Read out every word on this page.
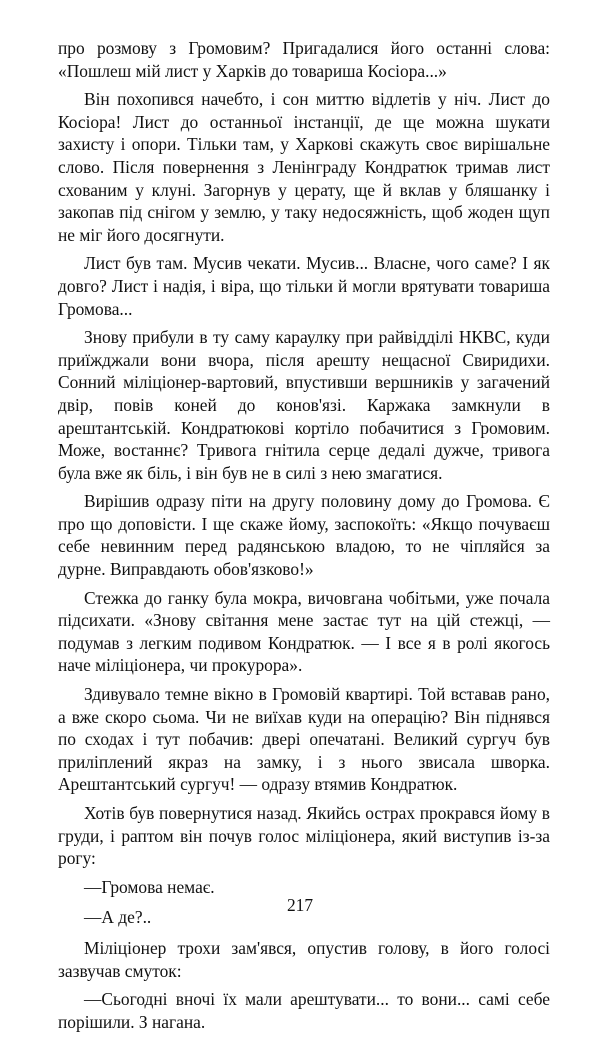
про розмову з Громовим? Пригадалися його останні слова: «Пошлеш мій лист у Харків до товариша Косіора...»

Він похопився начебто, і сон миттю відлетів у ніч. Лист до Косіора! Лист до останньої інстанції, де ще можна шукати захисту і опори. Тільки там, у Харкові скажуть своє вирішальне слово. Після повернення з Ленінграду Кондратюк тримав лист схованим у клуні. Загорнув у церату, ще й вклав у бляшанку і закопав під снігом у землю, у таку недосяжність, щоб жоден щуп не міг його досягнути.

Лист був там. Мусив чекати. Мусив... Власне, чого саме? І як довго? Лист і надія, і віра, що тільки й могли врятувати товариша Громова...

Знову прибули в ту саму караулку при райвідділі НКВС, куди приїжджали вони вчора, після арешту нещасної Свиридихи. Сонний міліціонер-вартовий, впустивши вершників у загачений двір, повів коней до конов'язі. Каржака замкнули в арештантській. Кондратюкові кортіло побачитися з Громовим. Може, востаннє? Тривога гнітила серце дедалі дужче, тривога була вже як біль, і він був не в силі з нею змагатися.

Вирішив одразу піти на другу половину дому до Громова. Є про що доповісти. І ще скаже йому, заспокоїть: «Якщо почуваєш себе невинним перед радянською владою, то не чіпляйся за дурне. Виправдають обов'язково!»

Стежка до ганку була мокра, вичовгана чобітьми, уже почала підсихати. «Знову світання мене застає тут на цій стежці, — подумав з легким подивом Кондратюк. — І все я в ролі якогось наче міліціонера, чи прокурора».

Здивувало темне вікно в Громовій квартирі. Той вставав рано, а вже скоро сьома. Чи не виїхав куди на операцію? Він піднявся по сходах і тут побачив: двері опечатані. Великий сургуч був приліплений якраз на замку, і з нього звисала шворка. Арештантський сургуч! — одразу втямив Кондратюк.

Хотів був повернутися назад. Якийсь острах прокрався йому в груди, і раптом він почув голос міліціонера, який виступив із-за рогу:

—Громова немає.

—А де?..

Міліціонер трохи зам'явся, опустив голову, в його голосі зазвучав смуток:

—Сьогодні вночі їх мали арештувати... то вони... самі себе порішили. З нагана.

217
